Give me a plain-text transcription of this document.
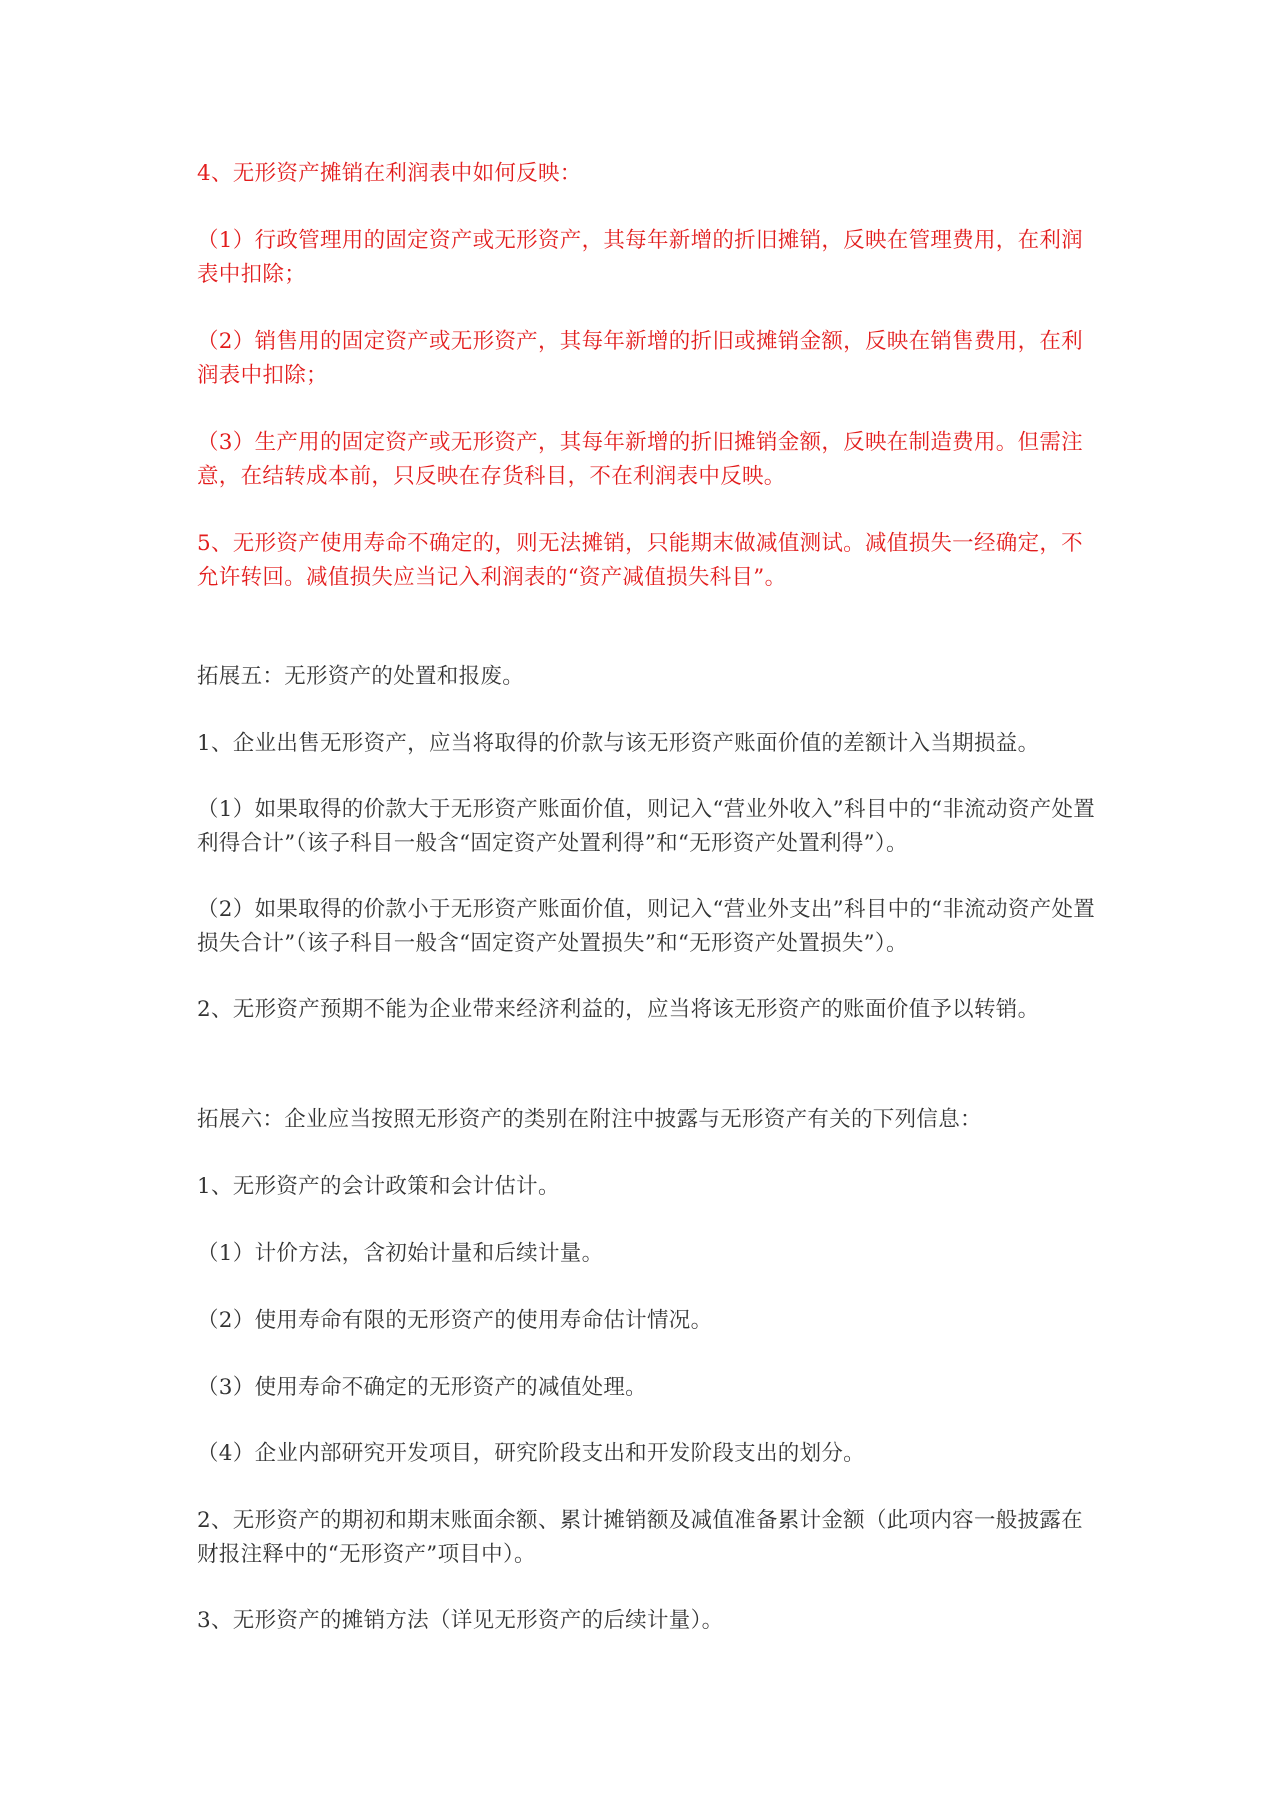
4、无形资产摊销在利润表中如何反映：

（1）行政管理用的固定资产或无形资产，其每年新增的折旧摊销，反映在管理费用，在利润表中扣除；

（2）销售用的固定资产或无形资产，其每年新增的折旧或摊销金额，反映在销售费用，在利润表中扣除；

（3）生产用的固定资产或无形资产，其每年新增的折旧摊销金额，反映在制造费用。但需注意，在结转成本前，只反映在存货科目，不在利润表中反映。

5、无形资产使用寿命不确定的，则无法摊销，只能期末做减值测试。减值损失一经确定，不允许转回。减值损失应当记入利润表的“资产减值损失科目”。

拓展五：无形资产的处置和报废。

1、企业出售无形资产，应当将取得的价款与该无形资产账面价值的差额计入当期损益。

（1）如果取得的价款大于无形资产账面价值，则记入“营业外收入”科目中的“非流动资产处置利得合计”（该子科目一般含“固定资产处置利得”和“无形资产处置利得”）。

（2）如果取得的价款小于无形资产账面价值，则记入“营业外支出”科目中的“非流动资产处置损失合计”（该子科目一般含“固定资产处置损失”和“无形资产处置损失”）。

2、无形资产预期不能为企业带来经济利益的，应当将该无形资产的账面价值予以转销。

拓展六：企业应当按照无形资产的类别在附注中披露与无形资产有关的下列信息：

1、无形资产的会计政策和会计估计。

（1）计价方法，含初始计量和后续计量。

（2）使用寿命有限的无形资产的使用寿命估计情况。

（3）使用寿命不确定的无形资产的减值处理。

（4）企业内部研究开发项目，研究阶段支出和开发阶段支出的划分。

2、无形资产的期初和期末账面余额、累计摊销额及减值准备累计金额（此项内容一般披露在财报注释中的“无形资产”项目中）。

3、无形资产的摊销方法（详见无形资产的后续计量）。
